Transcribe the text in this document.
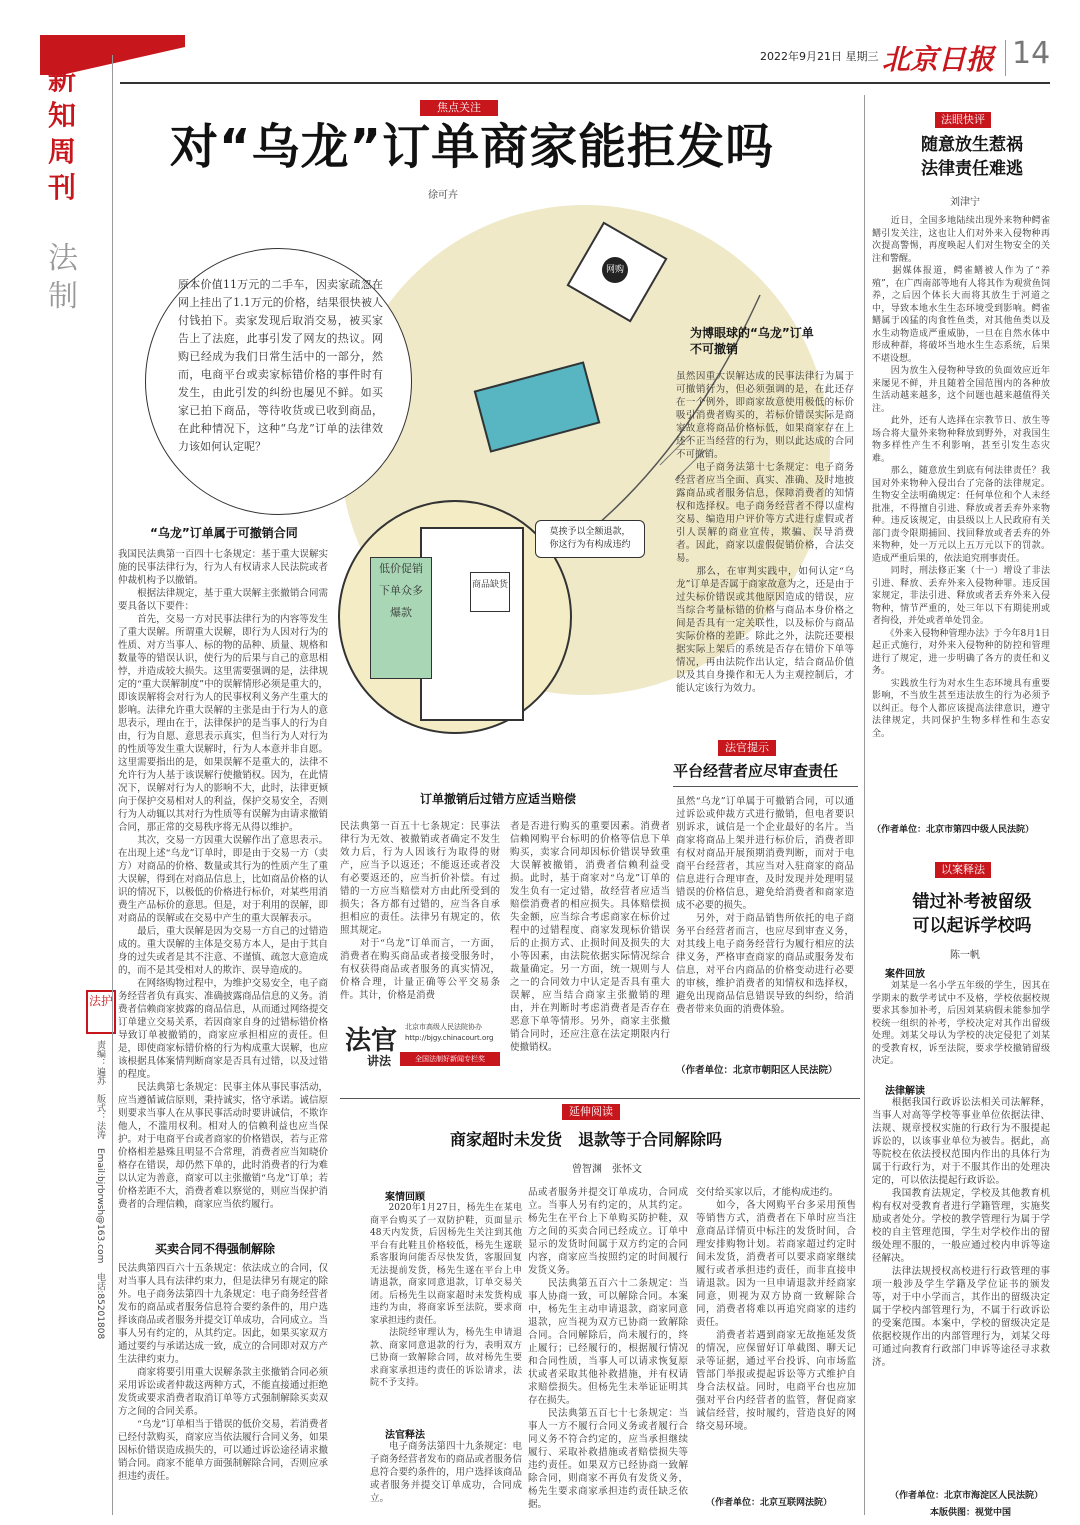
新知周刊
法制
法护
责编：遍苏　版式：法涛　Email:bjrbrwsh@163.com　电话:85201808
2022年9月21日 星期三 北京日报 14
焦点关注
对“乌龙”订单商家能拒发吗
徐可卉
网购
原本价值11万元的二手车，因卖家疏忽在网上挂出了1.1万元的价格，结果很快被人付钱拍下。卖家发现后取消交易，被买家告上了法庭，此事引发了网友的热议。网购已经成为我们日常生活中的一部分，然而，电商平台或卖家标错价格的事件时有发生，由此引发的纠纷也屡见不鲜。如买家已拍下商品，等待收货或已收到商品，在此种情况下，这种“乌龙”订单的法律效力该如何认定呢？
低价促销
下单众多
爆款
商品缺货
莫挨予以全额退款，
你这行为有构成违约
“乌龙”订单属于可撤销合同
我国民法典第一百四十七条规定：基于重大误解实施的民事法律行为，行为人有权请求人民法院或者仲裁机构予以撤销。
　　根据法律规定，基于重大误解主张撤销合同需要具备以下要件：
　　首先，交易一方对民事法律行为的内容等发生了重大误解。所谓重大误解，即行为人因对行为的性质、对方当事人、标的物的品种、质量、规格和数量等的错误认识，使行为的后果与自己的意思相悖，并造成较大损失。这里需要强调的是，法律规定的“重大误解制度”中的误解情形必须是重大的，即该误解将会对行为人的民事权利义务产生重大的影响。法律允许重大误解的主张是由于行为人的意思表示，理由在于，法律保护的是当事人的行为自由，行为自愿、意思表示真实，但当行为人对行为的性质等发生重大误解时，行为人本意并非自愿。这里需要指出的是，如果误解不是重大的，法律不允许行为人基于该误解行使撤销权。因为，在此情况下，误解对行为人的影响不大，此时，法律更倾向于保护交易相对人的利益，保护交易安全，否则行为人动辄以其对行为性质等有误解为由请求撤销合同，那正常的交易秩序将无从得以维护。
　　其次，交易一方因重大误解作出了意思表示。在出现上述“乌龙”订单时，即是由于交易一方（卖方）对商品的价格、数量或其行为的性质产生了重大误解，得到在对商品信息上，比如商品价格的认识的情况下，以极低的价格进行标价，对某些用消费生产品标价的意思。但是，对于利用的误解，即对商品的误解或在交易中产生的重大误解表示。
　　最后，重大误解是因为交易一方自己的过错造成的。重大误解的主体是交易方本人，是由于其自身的过失或者是其不注意、不谨慎、疏忽大意造成的，而不是其受相对人的欺诈、误导造成的。
　　在网络购物过程中，为维护交易安全，电子商务经营者负有真实、准确披露商品信息的义务。消费者信赖商家披露的商品信息，从而通过网络提交订单建立交易关系，若因商家自身的过错标错价格导致订单被撤销的，商家应承担相应的责任。但是，即使商家标错价格的行为构成重大误解，也应该根据具体案情判断商家是否具有过错，以及过错的程度。
　　民法典第七条规定：民事主体从事民事活动，应当遵循诚信原则，秉持诚实，恪守承诺。诚信原则要求当事人在从事民事活动时要讲诚信，不欺诈他人，不滥用权利。相对人的信赖利益也应当保护。对于电商平台或者商家的价格错误，若与正常价格相差悬殊且明显不合常理，消费者应当知晓价格存在错误，却仍然下单的，此时消费者的行为难以认定为善意，商家可以主张撤销“乌龙”订单；若价格差距不大，消费者难以察觉的，则应当保护消费者的合理信赖，商家应当依约履行。
为博眼球的“乌龙”订单
不可撤销
虽然因重大误解达成的民事法律行为属于可撤销行为，但必须强调的是，在此还存在一个例外，即商家故意使用极低的标价吸引消费者购买的，若标价错误实际是商家故意将商品价格标低，如果商家存在上述不正当经营的行为，则以此达成的合同不可撤销。
　　电子商务法第十七条规定：电子商务经营者应当全面、真实、准确、及时地披露商品或者服务信息，保障消费者的知情权和选择权。电子商务经营者不得以虚构交易、编造用户评价等方式进行虚假或者引人误解的商业宣传，欺骗、误导消费者。因此，商家以虚假促销价格，合法交易。
　　那么，在审判实践中，如何认定“乌龙”订单是否属于商家故意为之，还是由于过失标价错误或其他原因造成的错误，应当综合考量标错的价格与商品本身价格之间是否具有一定关联性，以及标价与商品实际价格的差距。除此之外，法院还要根据实际上架后的系统是否存在错价下单等情况，再由法院作出认定，结合商品价值以及其自身操作和无人为主观控制后，才能认定该行为效力。
订单撤销后过错方应适当赔偿
民法典第一百五十七条规定：民事法律行为无效、被撤销或者确定不发生效力后，行为人因该行为取得的财产，应当予以返还；不能返还或者没有必要返还的，应当折价补偿。有过错的一方应当赔偿对方由此所受到的损失；各方都有过错的，应当各自承担相应的责任。法律另有规定的，依照其规定。
　　对于“乌龙”订单而言，一方面，消费者在购买商品或者接受服务时，有权获得商品或者服务的真实情况，价格合理，计量正确等公平交易条件。其计，价格是消费
者是否进行购买的重要因素。消费者信赖网购平台标明的价格等信息下单购买，卖家合同却因标价错误导致重大误解被撤销，消费者信赖利益受损。此时，基于商家对“乌龙”订单的发生负有一定过错，故经营者应适当赔偿消费者的相应损失。具体赔偿损失金额，应当综合考虑商家在标价过程中的过错程度、商家发现标价错误后的止损方式、止损时间及损失的大小等因素，由法院依据实际情况综合裁量确定。另一方面，统一规则与人之一的合同效力中认定是否具有重大误解，应当结合商家主张撤销的理由，并在判断时考虑消费者是否存在恶意下单等情形。另外，商家主张撤销合同时，还应注意在法定期限内行使撤销权。
法官
讲法
北京市高级人民法院协办
http://bjgy.chinacourt.org
全国法制好新闻专栏奖
买卖合同不得强制解除
民法典第四百六十五条规定：依法成立的合同，仅对当事人具有法律约束力，但是法律另有规定的除外。电子商务法第四十九条规定：电子商务经营者发布的商品或者服务信息符合要约条件的，用户选择该商品或者服务并提交订单成功，合同成立。当事人另有约定的，从其约定。因此，如果买家双方通过要约与承诺达成一致，成立的合同即对双方产生法律约束力。
　　商家将要引用重大误解条款主张撤销合同必须采用诉讼或者仲裁这两种方式，不能直接通过拒绝发货或要求消费者取消订单等方式强制解除买卖双方之间的合同关系。
　　“乌龙”订单相当于错误的低价交易，若消费者已经付款购买，商家应当依法履行合同义务，如果因标价错误造成损失的，可以通过诉讼途径请求撤销合同。商家不能单方面强制解除合同，否则应承担违约责任。
法官提示
平台经营者应尽审查责任
虽然“乌龙”订单属于可撤销合同，可以通过诉讼或仲裁方式进行撤销，但电者要识别诉求，诚信是一个企业最好的名片。当商家将商品上架并进行标价后，消费者即有权对商品开展预期消费判断，而对于电商平台经营者，其应当对入驻商家的商品信息进行合理审查，及时发现并处理明显错误的价格信息，避免给消费者和商家造成不必要的损失。
　　另外，对于商品销售所依托的电子商务平台经营者而言，也应尽到审查义务，对其线上电子商务经营行为履行相应的法律义务，严格审查商家的商品或服务发布信息，对平台内商品的价格变动进行必要的审核，维护消费者的知情权和选择权，避免出现商品信息错误导致的纠纷，给消费者带来负面的消费体验。
（作者单位：北京市朝阳区人民法院）
法眼快评
随意放生惹祸
法律责任难逃
刘津宁
　　近日，全国多地陆续出现外来物种鳄雀鳝引发关注，这也让人们对外来入侵物种再次提高警惕，再度唤起人们对生物安全的关注和警醒。
　　据媒体报道，鳄雀鳝被人作为了“养殖”，在广西南部等地有人将其作为观赏鱼饲养，之后因个体长大而将其放生于河道之中，导致本地水生生态环境受到影响。鳄雀鳝属于凶猛的肉食性鱼类，对其他鱼类以及水生动物造成严重威胁，一旦在自然水体中形成种群，将破坏当地水生生态系统，后果不堪设想。
　　因为放生入侵物种导致的负面效应近年来屡见不鲜，并且随着全国范围内的各种放生活动越来越多，这个问题也越来越值得关注。
　　此外，还有人选择在宗教节日、放生等场合将大量外来物种释放到野外，对我国生物多样性产生不利影响，甚至引发生态灾难。
　　那么，随意放生到底有何法律责任？我国对外来物种入侵出台了完备的法律规定。生物安全法明确规定：任何单位和个人未经批准，不得擅自引进、释放或者丢弃外来物种。违反该规定，由县级以上人民政府有关部门责令限期捕回、找回释放或者丢弃的外来物种，处一万元以上五万元以下的罚款。造成严重后果的，依法追究刑事责任。
　　同时，刑法修正案（十一）增设了非法引进、释放、丢弃外来入侵物种罪。违反国家规定，非法引进、释放或者丢弃外来入侵物种，情节严重的，处三年以下有期徒刑或者拘役，并处或者单处罚金。
　　《外来入侵物种管理办法》于今年8月1日起正式施行，对外来入侵物种的防控和管理进行了规定，进一步明确了各方的责任和义务。
　　实践放生行为对水生生态环境具有重要影响，不当放生甚至违法放生的行为必须予以纠正。每个人都应该提高法律意识，遵守法律规定，共同保护生物多样性和生态安全。
（作者单位：北京市第四中级人民法院）
以案释法
错过补考被留级
可以起诉学校吗
陈一帆
案件回放
　　刘某是一名小学五年级的学生，因其在学期末的数学考试中不及格，学校依据校规要求其参加补考，后因刘某病假未能参加学校统一组织的补考，学校决定对其作出留级处理。刘某父母认为学校的决定侵犯了刘某的受教育权，诉至法院，要求学校撤销留级决定。
法律解读
　　根据我国行政诉讼法相关司法解释，当事人对高等学校等事业单位依据法律、法规、规章授权实施的行政行为不服提起诉讼的，以该事业单位为被告。据此，高等院校在依法授权范围内作出的具体行为属于行政行为，对于不服其作出的处理决定的，可以依法提起行政诉讼。
　　我国教育法规定，学校及其他教育机构有权对受教育者进行学籍管理，实施奖励或者处分。学校的教学管理行为属于学校的自主管理范围，学生对学校作出的留级处理不服的，一般应通过校内申诉等途径解决。
　　法律法规授权高校进行行政管理的事项一般涉及学生学籍及学位证书的颁发等，对于中小学而言，其作出的留级决定属于学校内部管理行为，不属于行政诉讼的受案范围。本案中，学校的留级决定是依据校规作出的内部管理行为，刘某父母可通过向教育行政部门申诉等途径寻求救济。
（作者单位：北京市海淀区人民法院）
本版供图：视觉中国
延伸阅读
商家超时未发货　退款等于合同解除吗
曾智渊　张怀文
案情回顾
　　2020年1月27日，杨先生在某电商平台购买了一双防护鞋，页面显示48天内发货，后因杨先生关注到其他平台有此鞋且价格较低，杨先生遂联系客服询问能否尽快发货，客服回复无法提前发货，杨先生遂在平台上申请退款，商家同意退款，订单交易关闭。后杨先生以商家超时未发货构成违约为由，将商家诉至法院，要求商家承担违约责任。
　　法院经审理认为，杨先生申请退款、商家同意退款的行为，表明双方已协商一致解除合同，故对杨先生要求商家承担违约责任的诉讼请求，法院不予支持。
法官释法
　　电子商务法第四十九条规定：电子商务经营者发布的商品或者服务信息符合要约条件的，用户选择该商品或者服务并提交订单成功，合同成立。
品或者服务并提交订单成功，合同成立。当事人另有约定的，从其约定。杨先生在平台上下单购买防护鞋，双方之间的买卖合同已经成立。订单中显示的发货时间属于双方约定的合同内容，商家应当按照约定的时间履行发货义务。
　　民法典第五百六十二条规定：当事人协商一致，可以解除合同。本案中，杨先生主动申请退款，商家同意退款，应当视为双方已协商一致解除合同。合同解除后，尚未履行的，终止履行；已经履行的，根据履行情况和合同性质，当事人可以请求恢复原状或者采取其他补救措施，并有权请求赔偿损失。但杨先生未举证证明其存在损失。
　　民法典第五百七十七条规定：当事人一方不履行合同义务或者履行合同义务不符合约定的，应当承担继续履行、采取补救措施或者赔偿损失等违约责任。如果双方已经协商一致解除合同，则商家不再负有发货义务，杨先生要求商家承担违约责任缺乏依据。
交付给买家以后，才能构成违约。
　　如今，各大网购平台多采用预售等销售方式，消费者在下单时应当注意商品详情页中标注的发货时间，合理安排购物计划。若商家超过约定时间未发货，消费者可以要求商家继续履行或者承担违约责任，而非直接申请退款。因为一旦申请退款并经商家同意，则视为双方协商一致解除合同，消费者将难以再追究商家的违约责任。
　　消费者若遇到商家无故拖延发货的情况，应保留好订单截图、聊天记录等证据，通过平台投诉、向市场监管部门举报或提起诉讼等方式维护自身合法权益。同时，电商平台也应加强对平台内经营者的监管，督促商家诚信经营，按时履约，营造良好的网络交易环境。
（作者单位：北京互联网法院）
